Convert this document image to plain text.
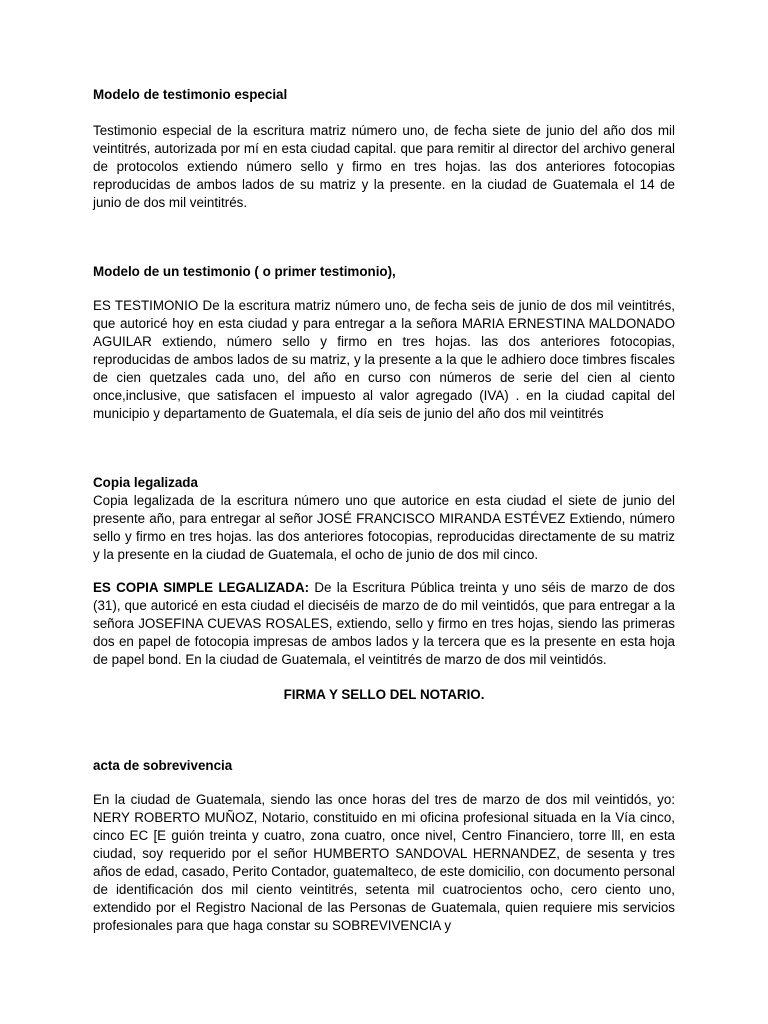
Modelo de testimonio especial
Testimonio especial de la escritura matriz número uno, de fecha siete de junio del año dos mil veintitrés, autorizada por mí en esta ciudad capital. que para remitir al director del archivo general de protocolos extiendo número sello y firmo en tres hojas. las dos anteriores fotocopias reproducidas de ambos lados de su matriz y la presente. en la ciudad de Guatemala el 14 de junio de dos mil veintitrés.
Modelo de un testimonio ( o primer testimonio),
ES TESTIMONIO De la escritura matriz número uno, de fecha seis de junio de dos mil veintitrés, que autoricé hoy en esta ciudad y para entregar a la señora MARIA ERNESTINA MALDONADO AGUILAR extiendo, número sello y firmo en tres hojas. las dos anteriores fotocopias, reproducidas de ambos lados de su matriz, y la presente a la que le adhiero doce timbres fiscales de cien quetzales cada uno, del año en curso con números de serie del cien al ciento once,inclusive, que satisfacen el impuesto al valor agregado (IVA) . en la ciudad capital del municipio y departamento de Guatemala, el día seis de junio del año dos mil veintitrés
Copia legalizada
Copia legalizada de la escritura número uno que autorice en esta ciudad el siete de junio del presente año, para entregar al señor JOSÉ FRANCISCO MIRANDA ESTÉVEZ Extiendo, número sello y firmo en tres hojas. las dos anteriores fotocopias, reproducidas directamente de su matriz y la presente en la ciudad de Guatemala, el ocho de junio de dos mil cinco.
ES COPIA SIMPLE LEGALIZADA: De la Escritura Pública treinta y uno séis de marzo de dos (31), que autoricé en esta ciudad el dieciséis de marzo de do mil veintidós, que para entregar a la señora JOSEFINA CUEVAS ROSALES, extiendo, sello y firmo en tres hojas, siendo las primeras dos en papel de fotocopia impresas de ambos lados y la tercera que es la presente en esta hoja de papel bond. En la ciudad de Guatemala, el veintitrés de marzo de dos mil veintidós.
FIRMA Y SELLO DEL NOTARIO.
acta de sobrevivencia
En la ciudad de Guatemala, siendo las once horas del tres de marzo de dos mil veintidós, yo: NERY ROBERTO MUÑOZ, Notario, constituido en mi oficina profesional situada en la Vía cinco, cinco EC [E guión treinta y cuatro, zona cuatro, once nivel, Centro Financiero, torre lll, en esta ciudad, soy requerido por el señor HUMBERTO SANDOVAL HERNANDEZ, de sesenta y tres años de edad, casado, Perito Contador, guatemalteco, de este domicilio, con documento personal de identificación dos mil ciento veintitrés, setenta mil cuatrocientos ocho, cero ciento uno, extendido por el Registro Nacional de las Personas de Guatemala, quien requiere mis servicios profesionales para que haga constar su SOBREVIVENCIA y
